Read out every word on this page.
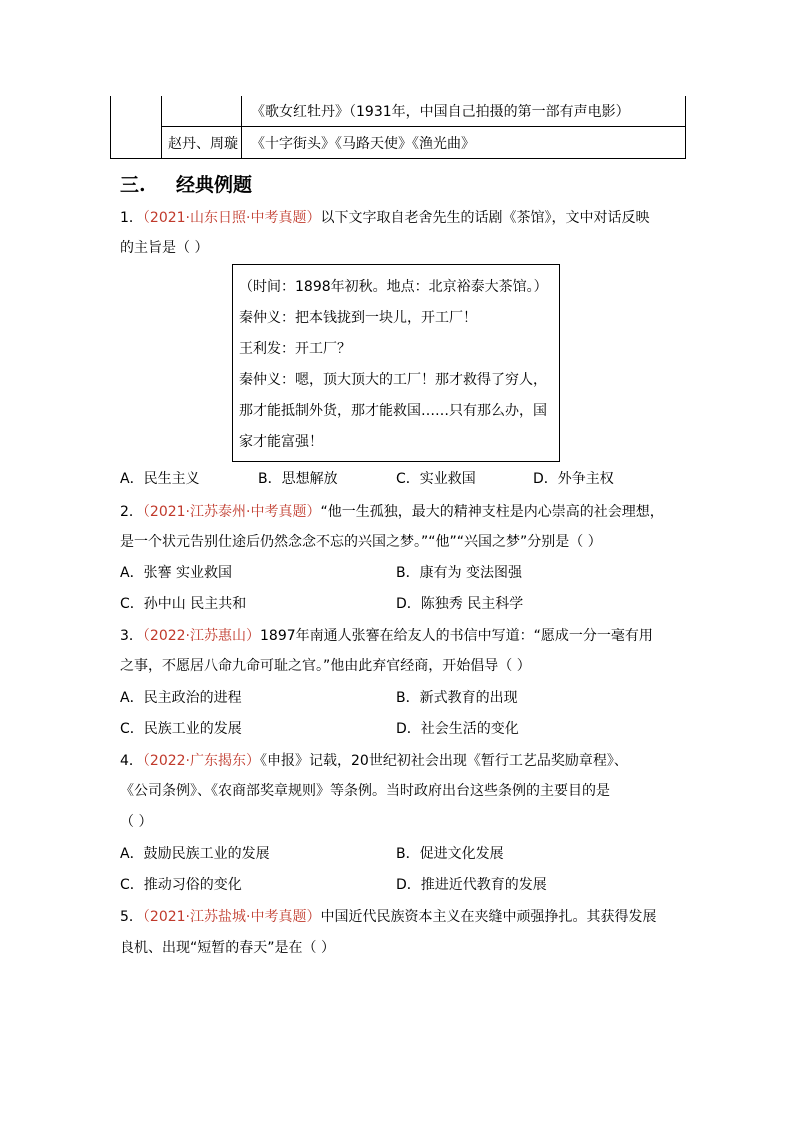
《歌女红牡丹》（1931年，中国自己拍摄的第一部有声电影）
赵丹、周璇 《十字街头》《马路天使》《渔光曲》
三. 经典例题
1．（2021·山东日照·中考真题）以下文字取自老舍先生的话剧《茶馆》，文中对话反映
的主旨是（ ）
（时间：1898年初秋。地点：北京裕泰大茶馆。）
秦仲义：把本钱拢到一块儿，开工厂！
王利发：开工厂？
秦仲义：嗯，顶大顶大的工厂！那才救得了穷人，
那才能抵制外货，那才能救国……只有那么办，国
家才能富强！
A．民生主义	B．思想解放	C．实业救国	D．外争主权
2．（2021·江苏泰州·中考真题）“他一生孤独，最大的精神支柱是内心崇高的社会理想，
是一个状元告别仕途后仍然念念不忘的兴国之梦。”“他”“兴国之梦”分别是（ ）
A．张謇 实业救国	B．康有为 变法图强
C．孙中山 民主共和	D．陈独秀 民主科学
3．（2022·江苏惠山）1897年南通人张謇在给友人的书信中写道：“愿成一分一毫有用
之事，不愿居八命九命可耻之官。”他由此弃官经商，开始倡导（ ）
A．民主政治的进程	B．新式教育的出现
C．民族工业的发展	D．社会生活的变化
4．（2022·广东揭东）《申报》记载，20世纪初社会出现《暂行工艺品奖励章程》、
《公司条例》、《农商部奖章规则》等条例。当时政府出台这些条例的主要目的是
（ ）
A．鼓励民族工业的发展	B．促进文化发展
C．推动习俗的变化	D．推进近代教育的发展
5．（2021·江苏盐城·中考真题）中国近代民族资本主义在夹缝中顽强挣扎。其获得发展
良机、出现“短暂的春天”是在（ ）
